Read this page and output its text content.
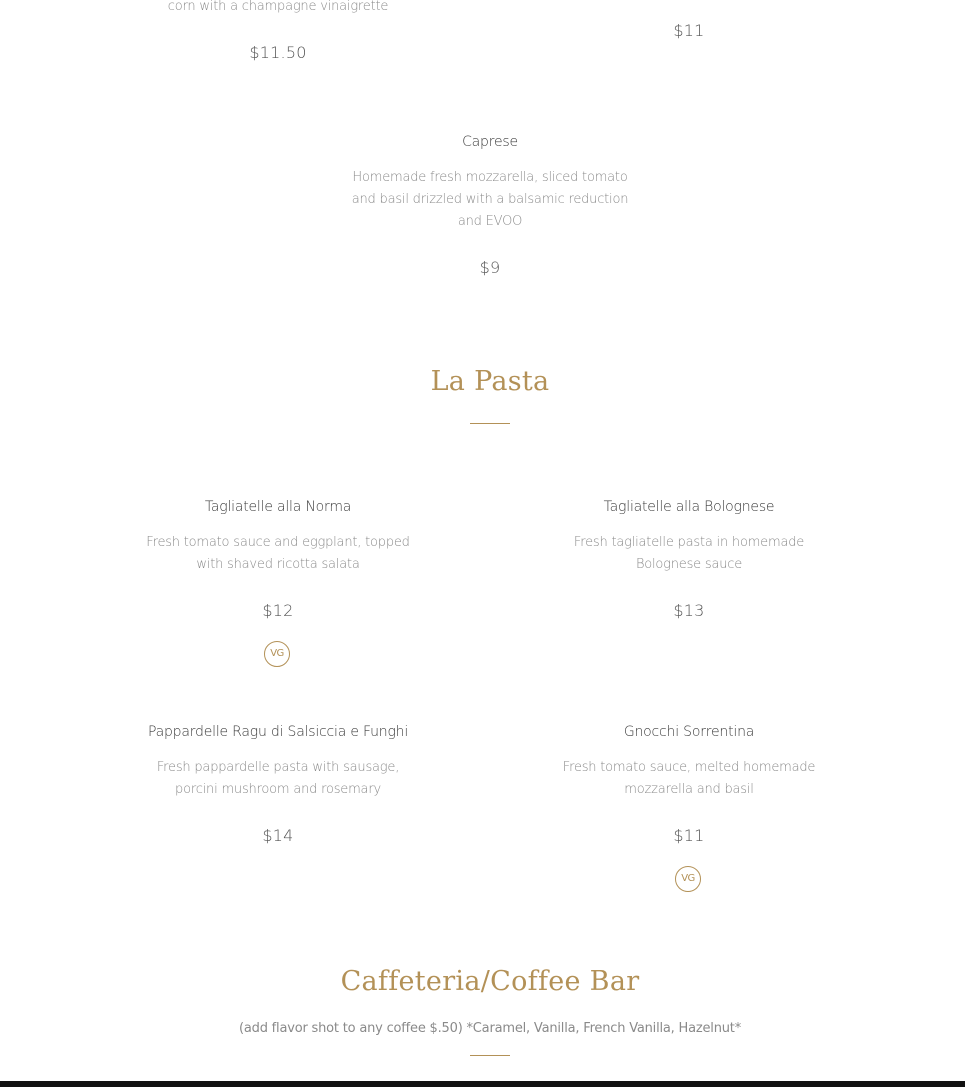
corn with a champagne vinaigrette
$11.50
$11
Caprese
Homemade fresh mozzarella, sliced tomato and basil drizzled with a balsamic reduction and EVOO
$9
La Pasta
Tagliatelle alla Norma
Fresh tomato sauce and eggplant, topped with shaved ricotta salata
$12
VG
Tagliatelle alla Bolognese
Fresh tagliatelle pasta in homemade Bolognese sauce
$13
Pappardelle Ragu di Salsiccia e Funghi
Fresh pappardelle pasta with sausage, porcini mushroom and rosemary
$14
Gnocchi Sorrentina
Fresh tomato sauce, melted homemade mozzarella and basil
$11
VG
Caffeteria/Coffee Bar
(add flavor shot to any coffee $.50) *Caramel, Vanilla, French Vanilla, Hazelnut*
